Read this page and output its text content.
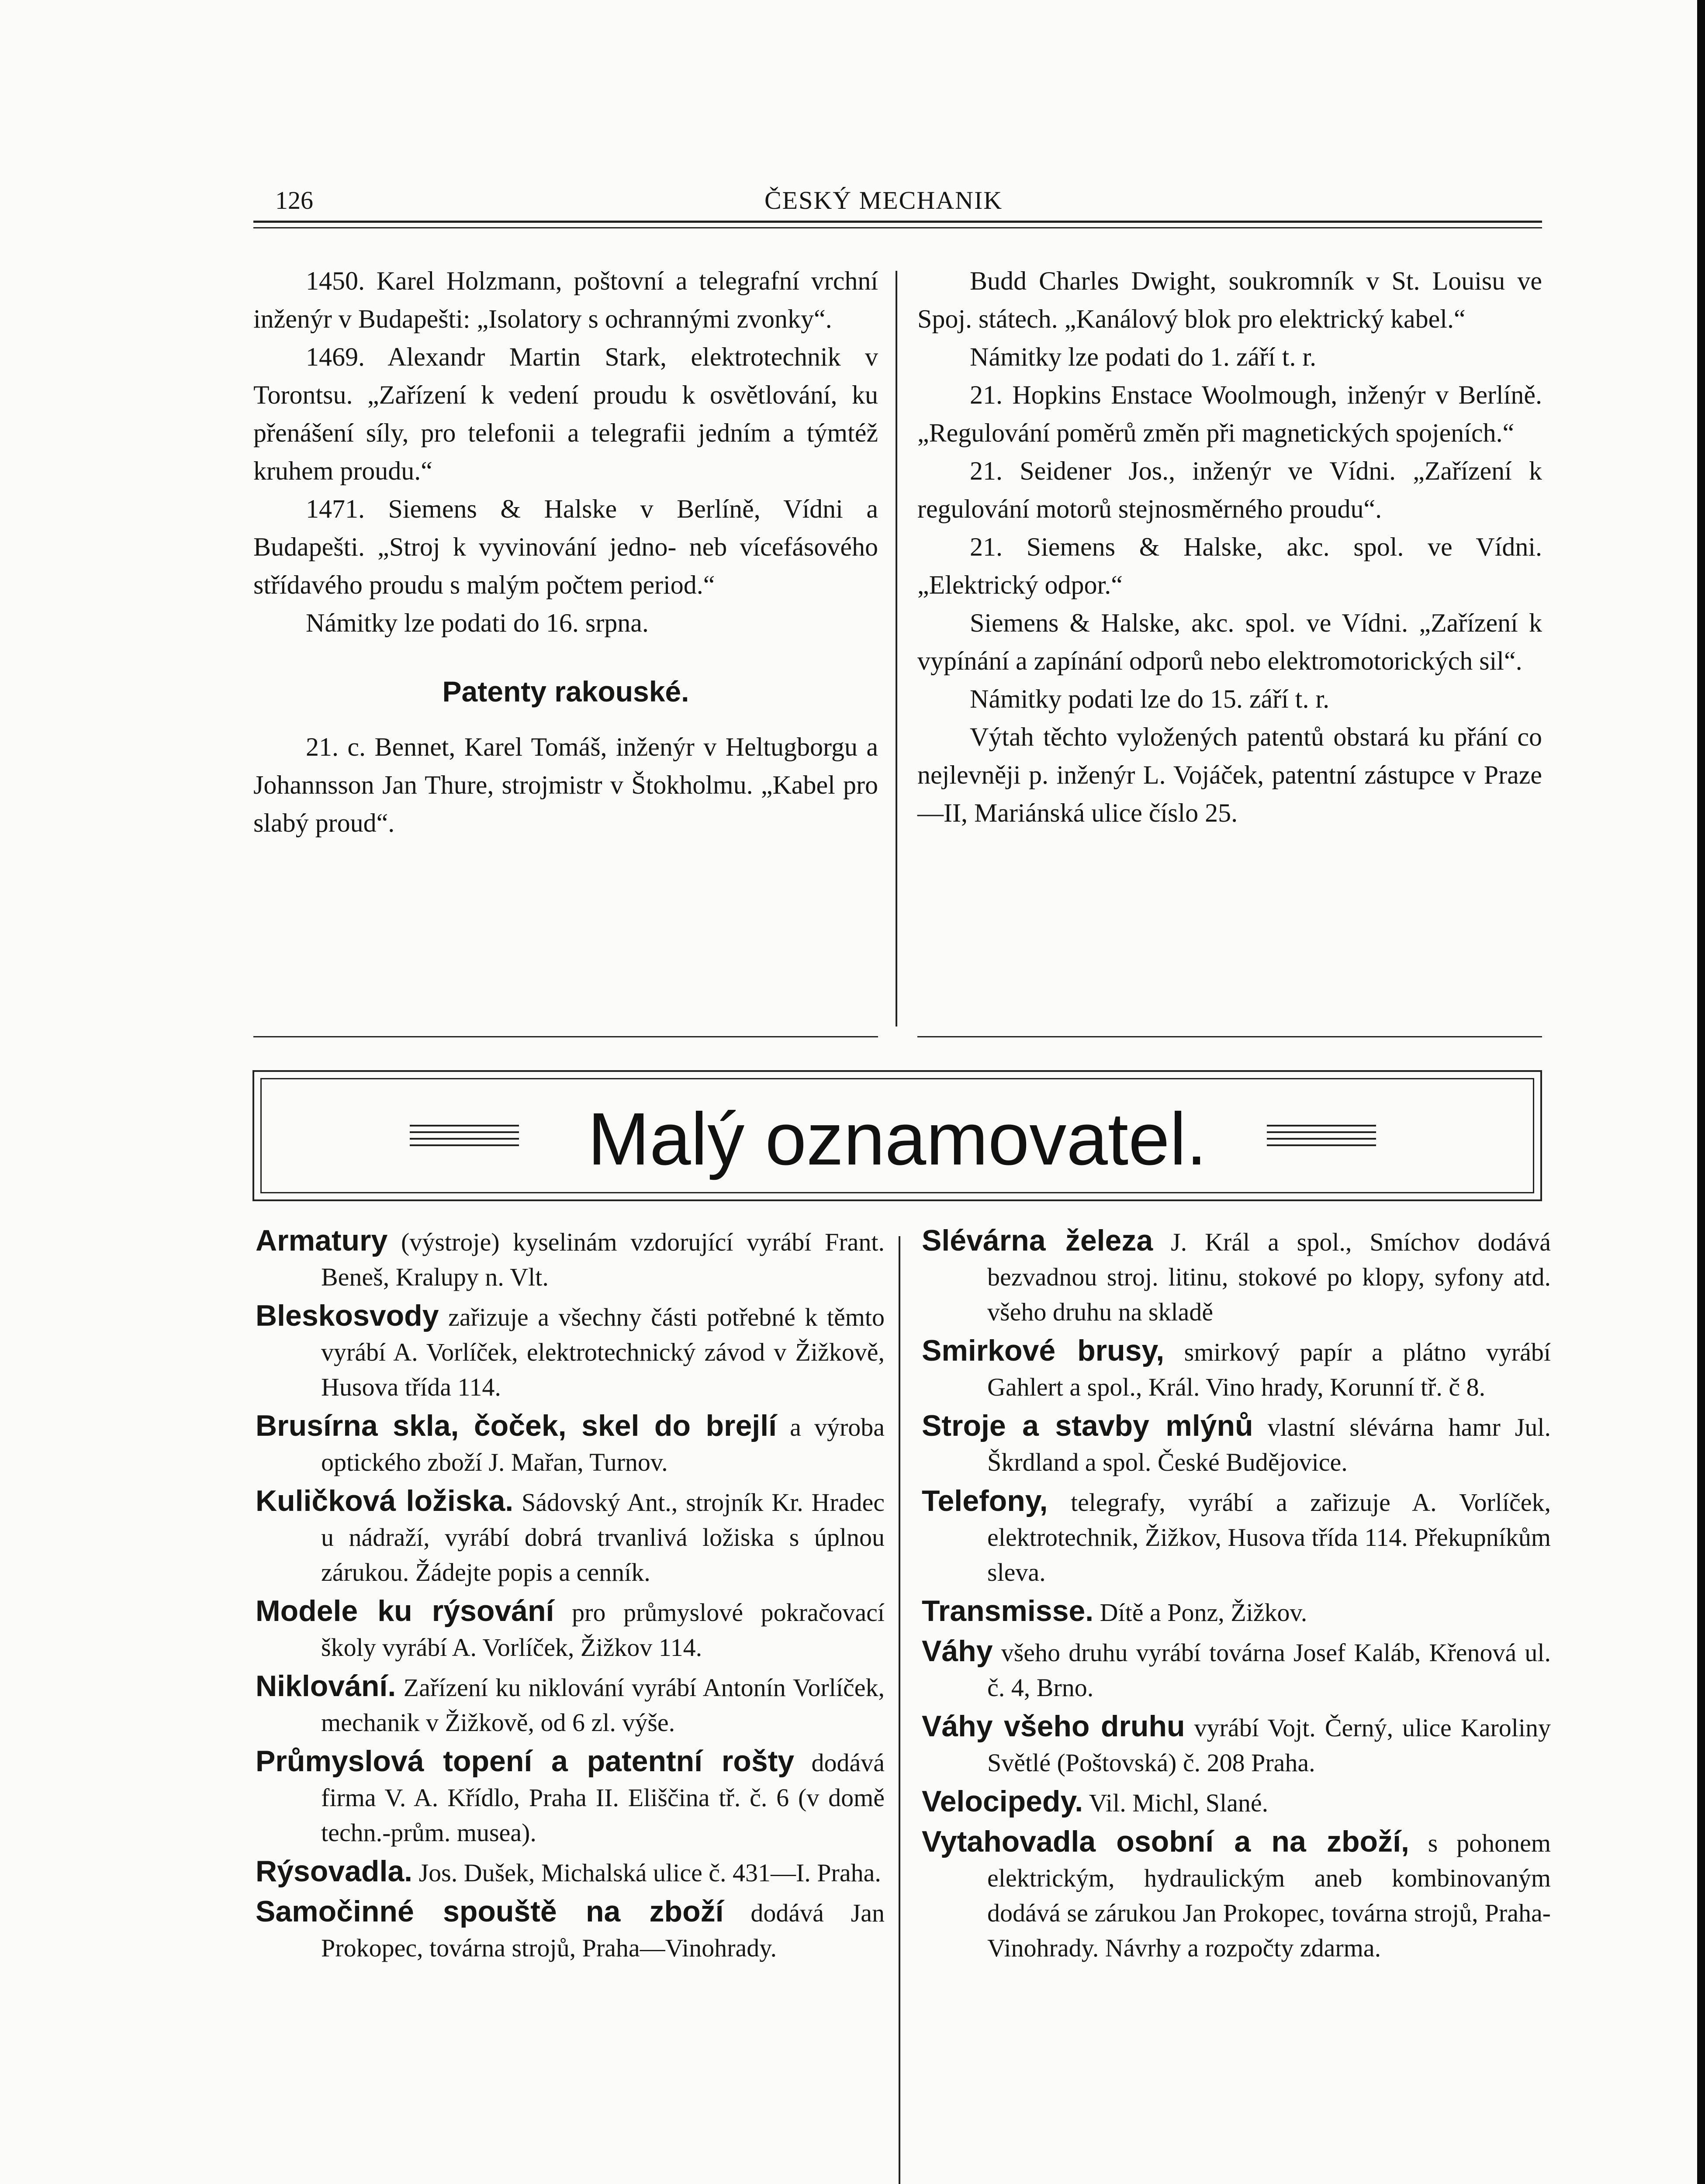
126	ČESKÝ MECHANIK

1450. Karel Holzmann, poštovní a telegrafní vrchní inženýr v Budapešti: „Isolatory s ochrannými zvonky“.

1469. Alexandr Martin Stark, elektrotechnik v Torontsu. „Zařízení k vedení proudu k osvětlování, ku přenášení síly, pro telefonii a telegrafii jedním a týmtéž kruhem proudu.“

1471. Siemens & Halske v Berlíně, Vídni a Budapešti. „Stroj k vyvinování jedno- neb vícefásového střídavého proudu s malým počtem period.“

Námitky lze podati do 16. srpna.

Patenty rakouské.

21. c. Bennet, Karel Tomáš, inženýr v Heltugborgu a Johannsson Jan Thure, strojmistr v Štokholmu. „Kabel pro slabý proud“.

Budd Charles Dwight, soukromník v St. Louisu ve Spoj. státech. „Kanálový blok pro elektrický kabel.“

Námitky lze podati do 1. září t. r.

21. Hopkins Enstace Woolmough, inženýr v Berlíně. „Regulování poměrů změn při magnetických spojeních.“

21. Seidener Jos., inženýr ve Vídni. „Zařízení k regulování motorů stejnosměrného proudu“.

21. Siemens & Halske, akc. spol. ve Vídni. „Elektrický odpor.“

Siemens & Halske, akc. spol. ve Vídni. „Zařízení k vypínání a zapínání odporů nebo elektromotorických sil“.

Námitky podati lze do 15. září t. r.

Výtah těchto vyložených patentů obstará ku přání co nejlevněji p. inženýr L. Vojáček, patentní zástupce v Praze—II, Mariánská ulice číslo 25.

Malý oznamovatel.

Armatury (výstroje) kyselinám vzdorující vyrábí Frant. Beneš, Kralupy n. Vlt.

Bleskosvody zařizuje a všechny části potřebné k těmto vyrábí A. Vorlíček, elektrotechnický závod v Žižkově, Husova třída 114.

Brusírna skla, čoček, skel do brejlí a výroba optického zboží J. Mařan, Turnov.

Kuličková ložiska. Sádovský Ant., strojník Kr. Hradec u nádraží, vyrábí dobrá trvanlivá ložiska s úplnou zárukou. Žádejte popis a cenník.

Modele ku rýsování pro průmyslové pokračovací školy vyrábí A. Vorlíček, Žižkov 114.

Niklování. Zařízení ku niklování vyrábí Antonín Vorlíček, mechanik v Žižkově, od 6 zl. výše.

Průmyslová topení a patentní rošty dodává firma V. A. Křídlo, Praha II. Eliščina tř. č. 6 (v domě techn.-prům. musea).

Rýsovadla. Jos. Dušek, Michalská ulice č. 431—I. Praha.

Samočinné spouště na zboží dodává Jan Prokopec, továrna strojů, Praha—Vinohrady.

Slévárna železa J. Král a spol., Smíchov dodává bezvadnou stroj. litinu, stokové po klopy, syfony atd. všeho druhu na skladě

Smirkové brusy, smirkový papír a plátno vyrábí Gahlert a spol., Král. Vino hrady, Korunní tř. č 8.

Stroje a stavby mlýnů vlastní slévárna hamr Jul. Škrdland a spol. České Budějovice.

Telefony, telegrafy, vyrábí a zařizuje A. Vorlíček, elektrotechnik, Žižkov, Husova třída 114. Překupníkům sleva.

Transmisse. Dítě a Ponz, Žižkov.

Váhy všeho druhu vyrábí továrna Josef Kaláb, Křenová ul. č. 4, Brno.

Váhy všeho druhu vyrábí Vojt. Černý, ulice Karoliny Světlé (Poštovská) č. 208 Praha.

Velocipedy. Vil. Michl, Slané.

Vytahovadla osobní a na zboží, s pohonem elektrickým, hydraulickým aneb kombinovaným dodává se zárukou Jan Prokopec, továrna strojů, Praha-Vinohrady. Návrhy a rozpočty zdarma.
